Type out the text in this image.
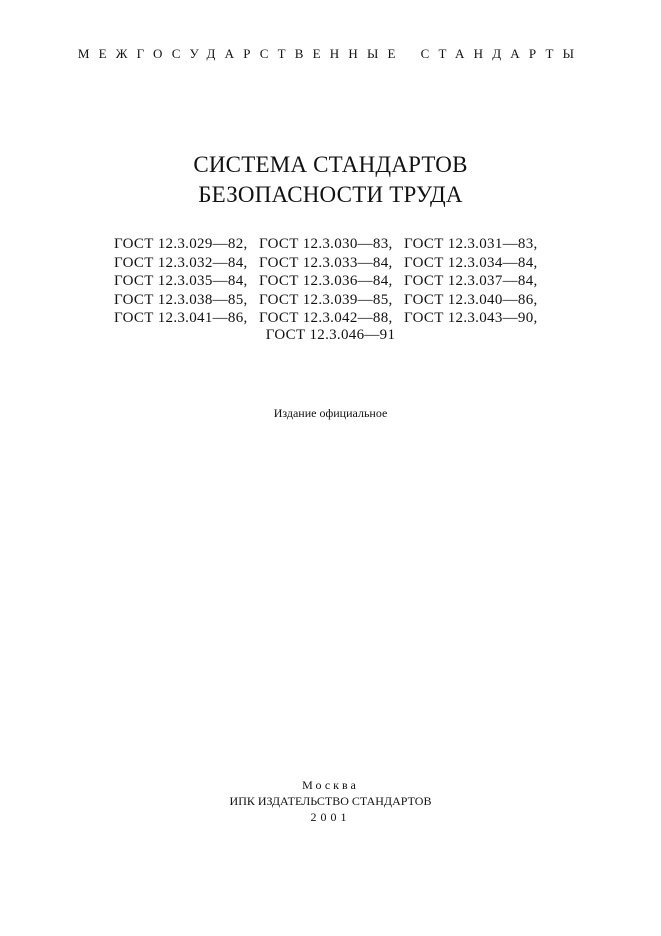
МЕЖГОСУДАРСТВЕННЫЕ СТАНДАРТЫ
СИСТЕМА СТАНДАРТОВ
БЕЗОПАСНОСТИ ТРУДА
ГОСТ 12.3.029—82, ГОСТ 12.3.030—83, ГОСТ 12.3.031—83,
ГОСТ 12.3.032—84, ГОСТ 12.3.033—84, ГОСТ 12.3.034—84,
ГОСТ 12.3.035—84, ГОСТ 12.3.036—84, ГОСТ 12.3.037—84,
ГОСТ 12.3.038—85, ГОСТ 12.3.039—85, ГОСТ 12.3.040—86,
ГОСТ 12.3.041—86, ГОСТ 12.3.042—88, ГОСТ 12.3.043—90,
ГОСТ 12.3.046—91
Издание официальное
Москва
ИПК ИЗДАТЕЛЬСТВО СТАНДАРТОВ
2001
